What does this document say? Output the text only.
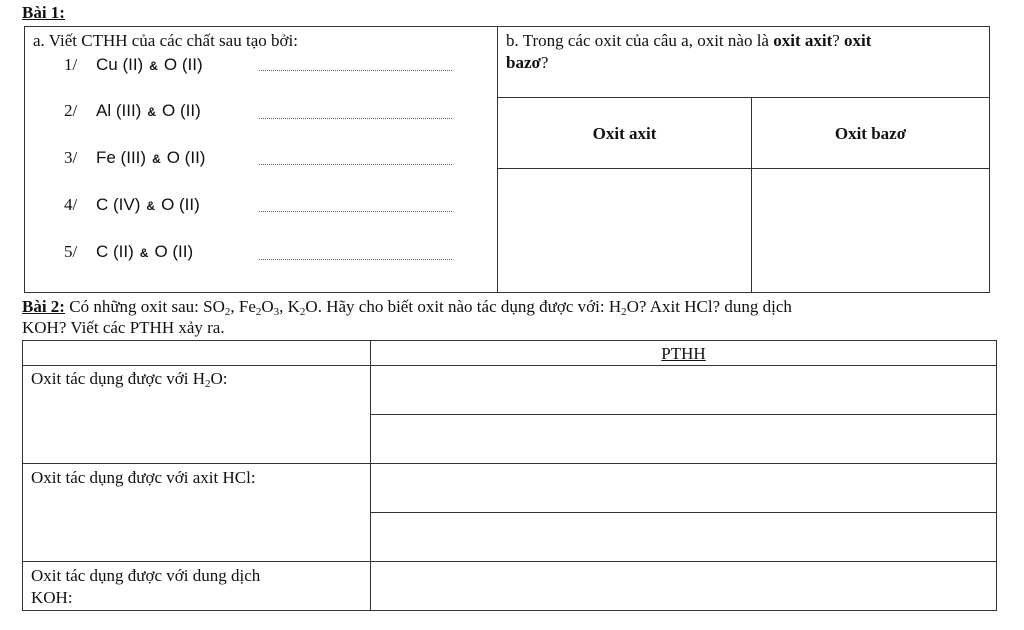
Bài 1:
a. Viết CTHH của các chất sau tạo bởi:
1/ Cu (II) & O (II)
2/ Al (III) & O (II)
3/ Fe (III) & O (II)
4/ C (IV) & O (II)
5/ C (II) & O (II)
b. Trong các oxit của câu a, oxit nào là oxit axit? oxit
bazơ?
Oxit axit	Oxit bazơ
Bài 2: Có những oxit sau: $SO_2$, $Fe_2O_3$, $K_2O$. Hãy cho biết oxit nào tác dụng được với: $H_2O$? Axit HCl? dung dịch
KOH? Viết các PTHH xảy ra.
PTHH
Oxit tác dụng được với $H_2O$:
Oxit tác dụng được với axit HCl:
Oxit tác dụng được với dung dịch
KOH:
